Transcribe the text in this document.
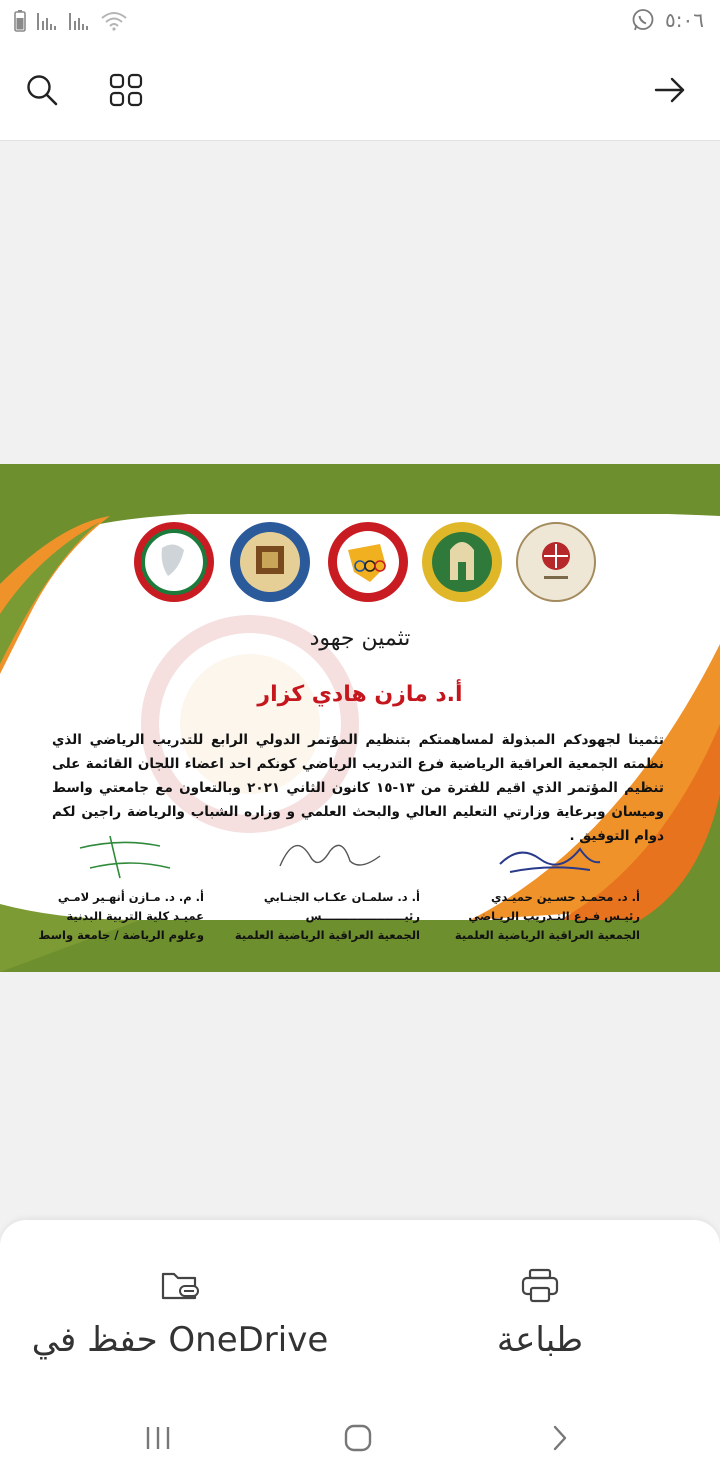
٥:٠٦
تثمين جهود
أ.د مازن هادي كزار
تثمينا لجهودكم المبذولة لمساهمتكم بتنظيم المؤتمر الدولي الرابع للتدريب الرياضي الذي نظمته الجمعية العراقية الرياضية فرع التدريب الرياضي كونكم احد اعضاء اللجان القائمة على تنظيم المؤتمر الذي اقيم للفترة من ١٣-١٥ كانون الثاني ٢٠٢١ وبالتعاون مع جامعتي واسط وميسان وبرعاية وزارتي التعليم العالي والبحث العلمي و وزاره الشباب والرياضة راجين لكم دوام التوفيق .
أ. د. محمـد حسـين حميـدي
رئيـس فـرع التـدريب الريـاضي
الجمعية العراقية الرياضية العلمية
أ. د. سلمـان عكـاب الجنـابي
رئيـــــــــــــــــــــس
الجمعية العراقية الرياضية العلمية
أ. م. د. مـازن أنهـير لامـي
عميـد كلية التربية البدنية
وعلوم الرياضة / جامعة واسط
طباعة
حفظ في OneDrive
